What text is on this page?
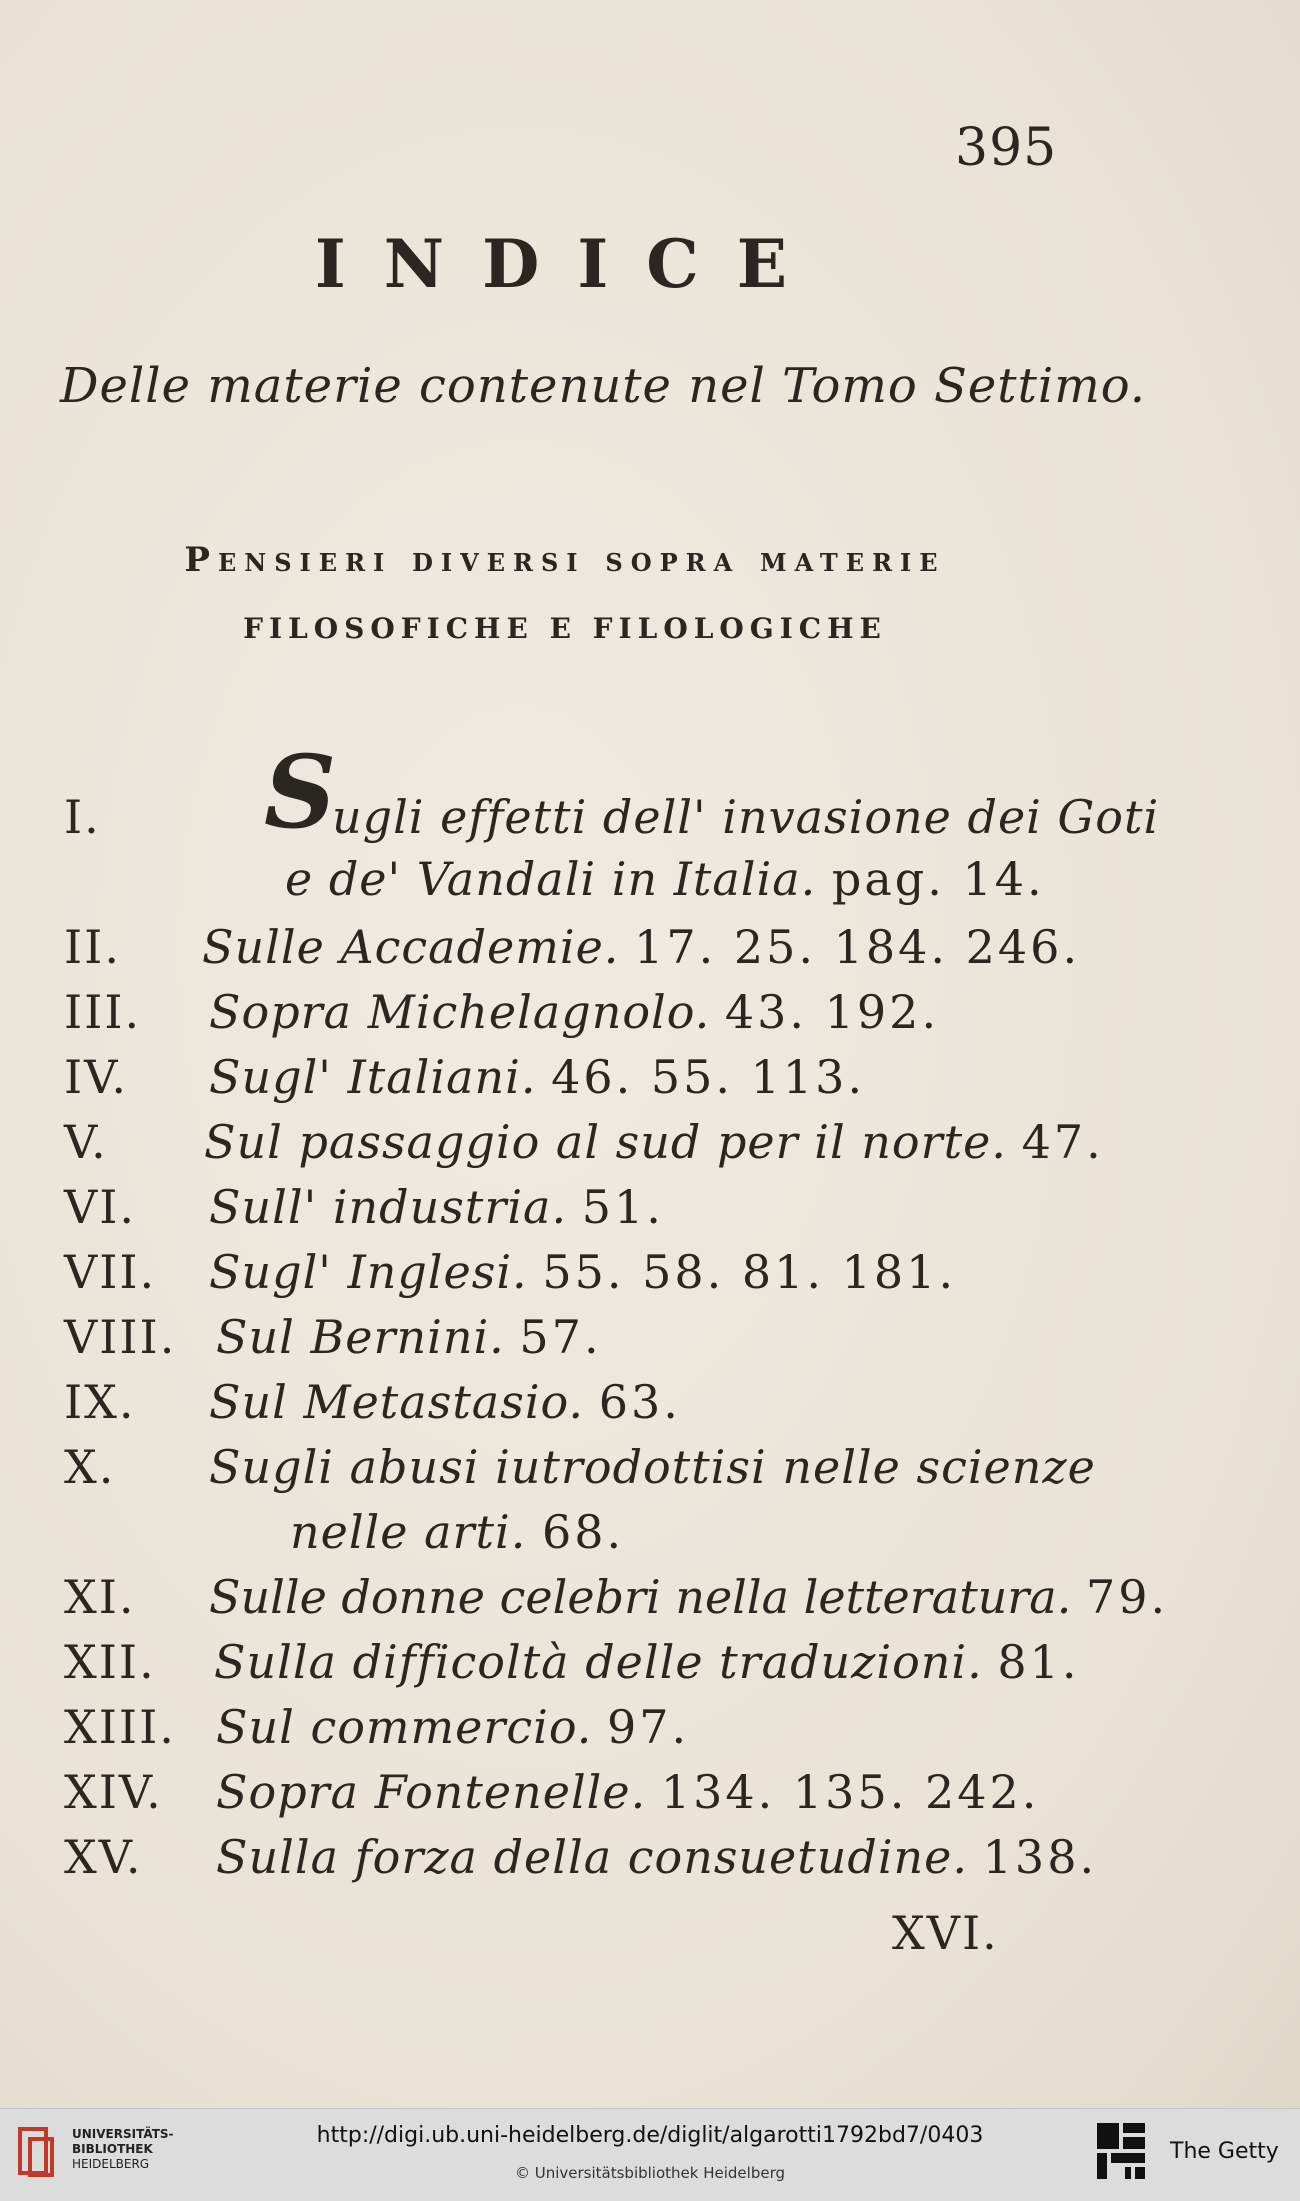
395
INDICE
Delle materie contenute nel Tomo Settimo.
Pensieri diversi sopra materie
FILOSOFICHE E FILOLOGICHE
I. S
ugli effetti dell' invasione dei Goti
e de' Vandali in Italia. pag. 14.
II. Sulle Accademie. 17. 25. 184. 246.
III. Sopra Michelagnolo. 43. 192.
IV. Sugl' Italiani. 46. 55. 113.
V. Sul passaggio al sud per il norte. 47.
VI. Sull' industria. 51.
VII. Sugl' Inglesi. 55. 58. 81. 181.
VIII. Sul Bernini. 57.
IX. Sul Metastasio. 63.
X. Sugli abusi iutrodottisi nelle scienze
nelle arti. 68.
XI. Sulle donne celebri nella letteratura. 79.
XII. Sulla difficoltà delle traduzioni. 81.
XIII. Sul commercio. 97.
XIV. Sopra Fontenelle. 134. 135. 242.
XV. Sulla forza della consuetudine. 138.
XVI.
UNIVERSITÄTS-
BIBLIOTHEK
HEIDELBERG
http://digi.ub.uni-heidelberg.de/diglit/algarotti1792bd7/0403
© Universitätsbibliothek Heidelberg
The Getty
